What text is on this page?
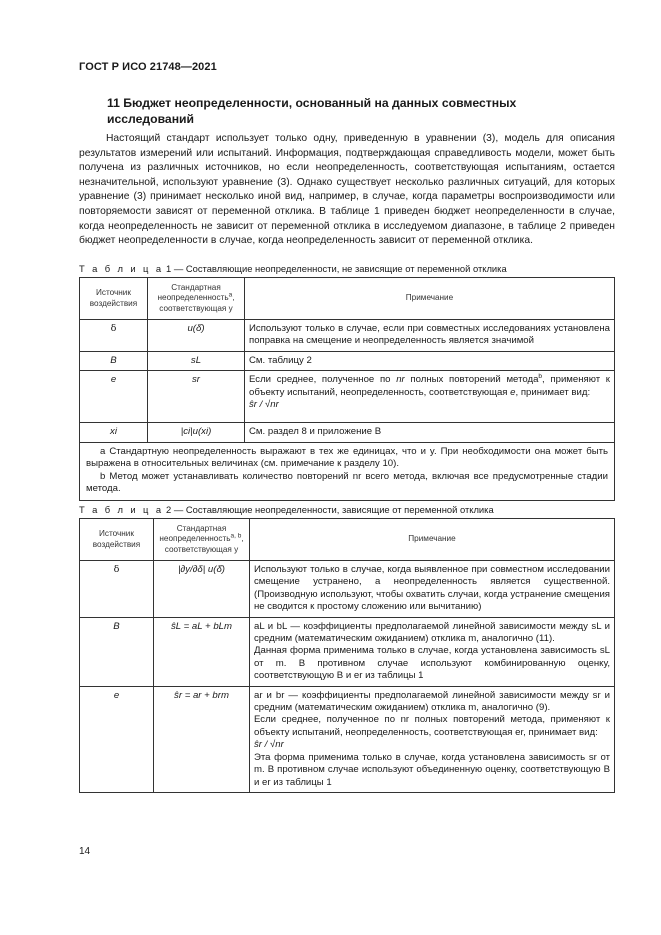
ГОСТ Р ИСО 21748—2021
11 Бюджет неопределенности, основанный на данных совместных исследований
Настоящий стандарт использует только одну, приведенную в уравнении (3), модель для описания результатов измерений или испытаний. Информация, подтверждающая справедливость модели, может быть получена из различных источников, но если неопределенность, соответствующая испытаниям, остается незначительной, используют уравнение (3). Однако существует несколько различных ситуаций, для которых уравнение (3) принимает несколько иной вид, например, в случае, когда параметры воспроизводимости или повторяемости зависят от переменной отклика. В таблице 1 приведен бюджет неопределенности в случае, когда неопределенность не зависит от переменной отклика в исследуемом диапазоне, в таблице 2 приведен бюджет неопределенности в случае, когда неопределенность зависит от переменной отклика.
Т а б л и ц а 1 — Составляющие неопределенности, не зависящие от переменной отклика
Источник воздействия	Стандартная неопределенность$^a$, соответствующая y	Примечание
δ	u(δ̂)	Используют только в случае, если при совместных исследованиях установлена поправка на смещение и неопределенность является значимой
B	sL	См. таблицу 2
e	sr	Если среднее, полученное по nr полных повторений метода$^b$, применяют к объекту испытаний, неопределенность, соответствующая e, принимает вид:
ŝr / √nr
xi	|ci|u(xi)	См. раздел 8 и приложение В

a Стандартную неопределенность выражают в тех же единицах, что и y. При необходимости она может быть выражена в относительных величинах (см. примечание к разделу 10).
b Метод может устанавливать количество повторений nr всего метода, включая все предусмотренные стадии метода.		
Т а б л и ц а 2 — Составляющие неопределенности, зависящие от переменной отклика
Источник воздействия	Стандартная неопределенность$^{a, b}$, соответствующая y	Примечание
δ	|∂y/∂δ| u(δ̂)	Используют только в случае, когда выявленное при совместном исследовании смещение устранено, а неопределенность является существенной. (Производную используют, чтобы охватить случаи, когда устранение смещения не сводится к простому сложению или вычитанию)
B	ŝL = aL + bLm	aL и bL — коэффициенты предполагаемой линейной зависимости между sL и средним (математическим ожиданием) отклика m, аналогично (11).
Данная форма применима только в случае, когда установлена зависимость sL от m. В противном случае используют комбинированную оценку, соответствующую B и er из таблицы 1

e	ŝr = ar + brm	ar и br — коэффициенты предполагаемой линейной зависимости между sr и средним (математическим ожиданием) отклика m, аналогично (9).
Если среднее, полученное по nr полных повторений метода, применяют к объекту испытаний, неопределенность, соответствующая er, принимает вид:
ŝr / √nr
Эта форма применима только в случае, когда установлена зависимость sr от m. В противном случае используют объединенную оценку, соответствующую B и er из таблицы 1
14
